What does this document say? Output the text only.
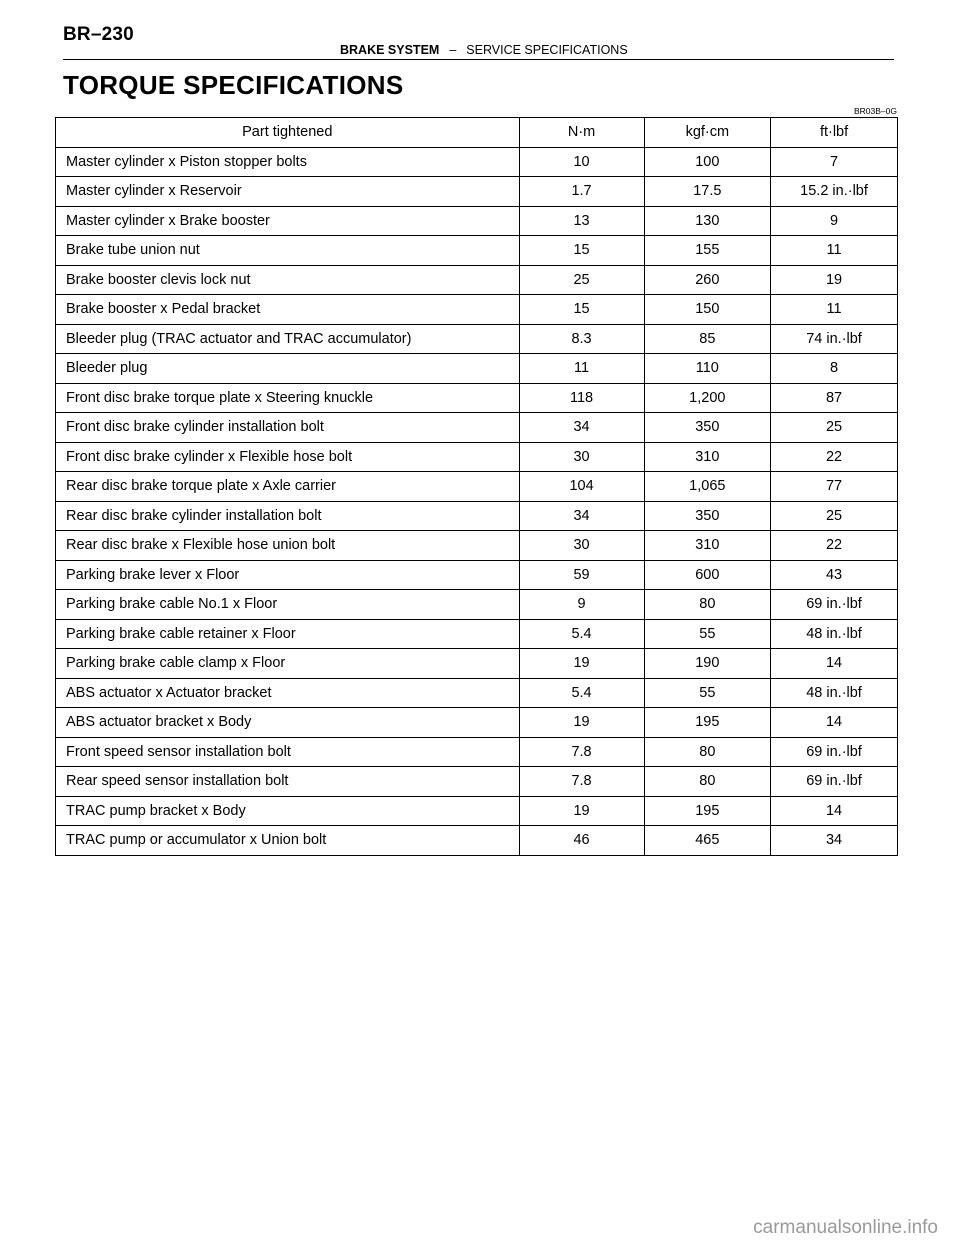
BR–230
BRAKE SYSTEM – SERVICE SPECIFICATIONS
TORQUE SPECIFICATIONS
BR03B–0G
Part tightened	N·m	kgf·cm	ft·lbf
Master cylinder x Piston stopper bolts	10	100	7
Master cylinder x Reservoir	1.7	17.5	15.2 in.·lbf
Master cylinder x Brake booster	13	130	9
Brake tube union nut	15	155	11
Brake booster clevis lock nut	25	260	19
Brake booster x Pedal bracket	15	150	11
Bleeder plug (TRAC actuator and TRAC accumulator)	8.3	85	74 in.·lbf
Bleeder plug	11	110	8
Front disc brake torque plate x Steering knuckle	118	1,200	87
Front disc brake cylinder installation bolt	34	350	25
Front disc brake cylinder x Flexible hose bolt	30	310	22
Rear disc brake torque plate x Axle carrier	104	1,065	77
Rear disc brake cylinder installation bolt	34	350	25
Rear disc brake x Flexible hose union bolt	30	310	22
Parking brake lever x Floor	59	600	43
Parking brake cable No.1 x Floor	9	80	69 in.·lbf
Parking brake cable retainer x Floor	5.4	55	48 in.·lbf
Parking brake cable clamp x Floor	19	190	14
ABS actuator x Actuator bracket	5.4	55	48 in.·lbf
ABS actuator bracket x Body	19	195	14
Front speed sensor installation bolt	7.8	80	69 in.·lbf
Rear speed sensor installation bolt	7.8	80	69 in.·lbf
TRAC pump bracket x Body	19	195	14
TRAC pump or accumulator x Union bolt	46	465	34
carmanualsonline.info
